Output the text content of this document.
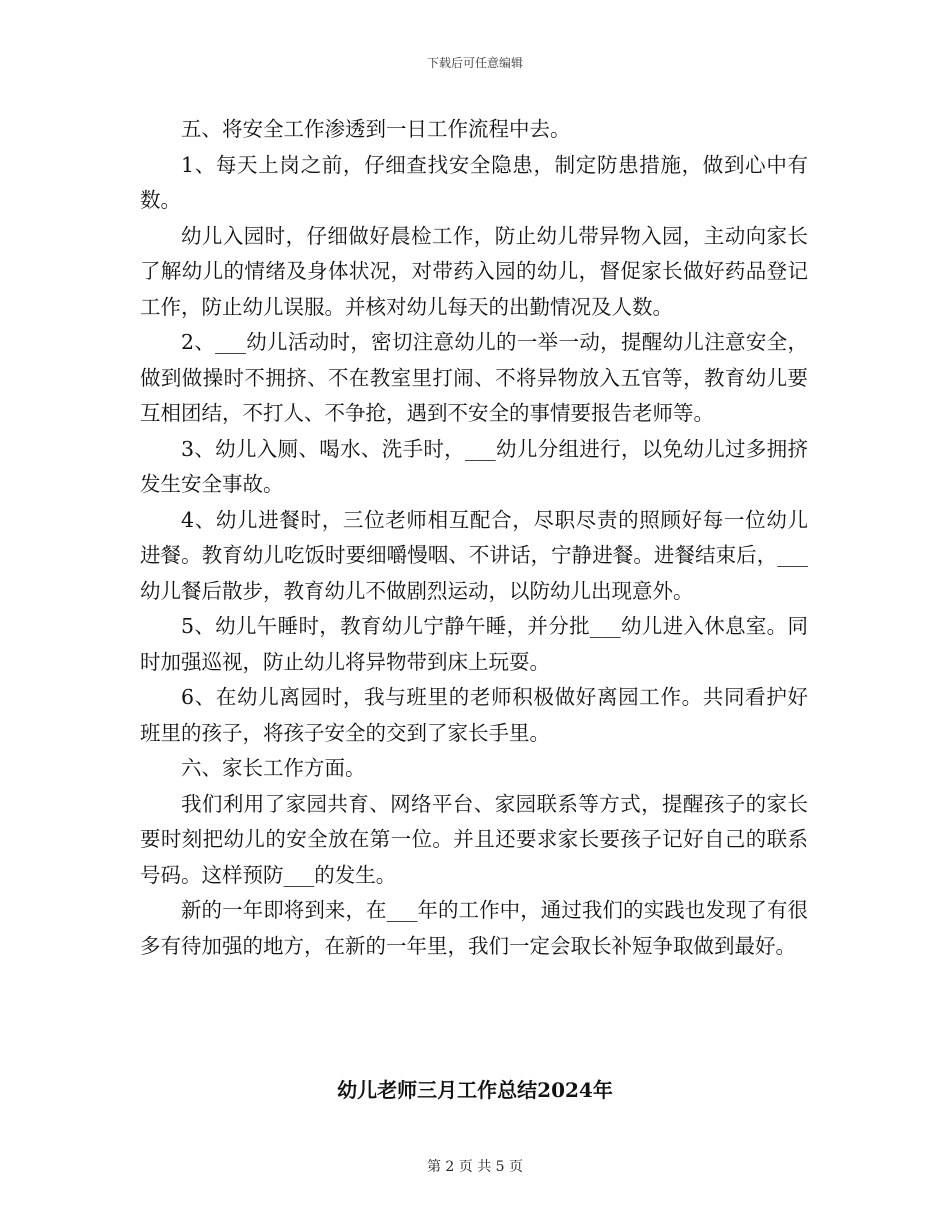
下载后可任意编辑

五、将安全工作渗透到一日工作流程中去。

1、每天上岗之前，仔细查找安全隐患，制定防患措施，做到心中有数。

幼儿入园时，仔细做好晨检工作，防止幼儿带异物入园，主动向家长了解幼儿的情绪及身体状况，对带药入园的幼儿，督促家长做好药品登记工作，防止幼儿误服。并核对幼儿每天的出勤情况及人数。

2、___幼儿活动时，密切注意幼儿的一举一动，提醒幼儿注意安全，做到做操时不拥挤、不在教室里打闹、不将异物放入五官等，教育幼儿要互相团结，不打人、不争抢，遇到不安全的事情要报告老师等。

3、幼儿入厕、喝水、洗手时，___幼儿分组进行，以免幼儿过多拥挤发生安全事故。

4、幼儿进餐时，三位老师相互配合，尽职尽责的照顾好每一位幼儿进餐。教育幼儿吃饭时要细嚼慢咽、不讲话，宁静进餐。进餐结束后，___幼儿餐后散步，教育幼儿不做剧烈运动，以防幼儿出现意外。

5、幼儿午睡时，教育幼儿宁静午睡，并分批___幼儿进入休息室。同时加强巡视，防止幼儿将异物带到床上玩耍。

6、在幼儿离园时，我与班里的老师积极做好离园工作。共同看护好班里的孩子，将孩子安全的交到了家长手里。

六、家长工作方面。

我们利用了家园共育、网络平台、家园联系等方式，提醒孩子的家长要时刻把幼儿的安全放在第一位。并且还要求家长要孩子记好自己的联系号码。这样预防___的发生。

新的一年即将到来，在___年的工作中，通过我们的实践也发现了有很多有待加强的地方，在新的一年里，我们一定会取长补短争取做到最好。

幼儿老师三月工作总结2024年
第 2 页 共 5 页
